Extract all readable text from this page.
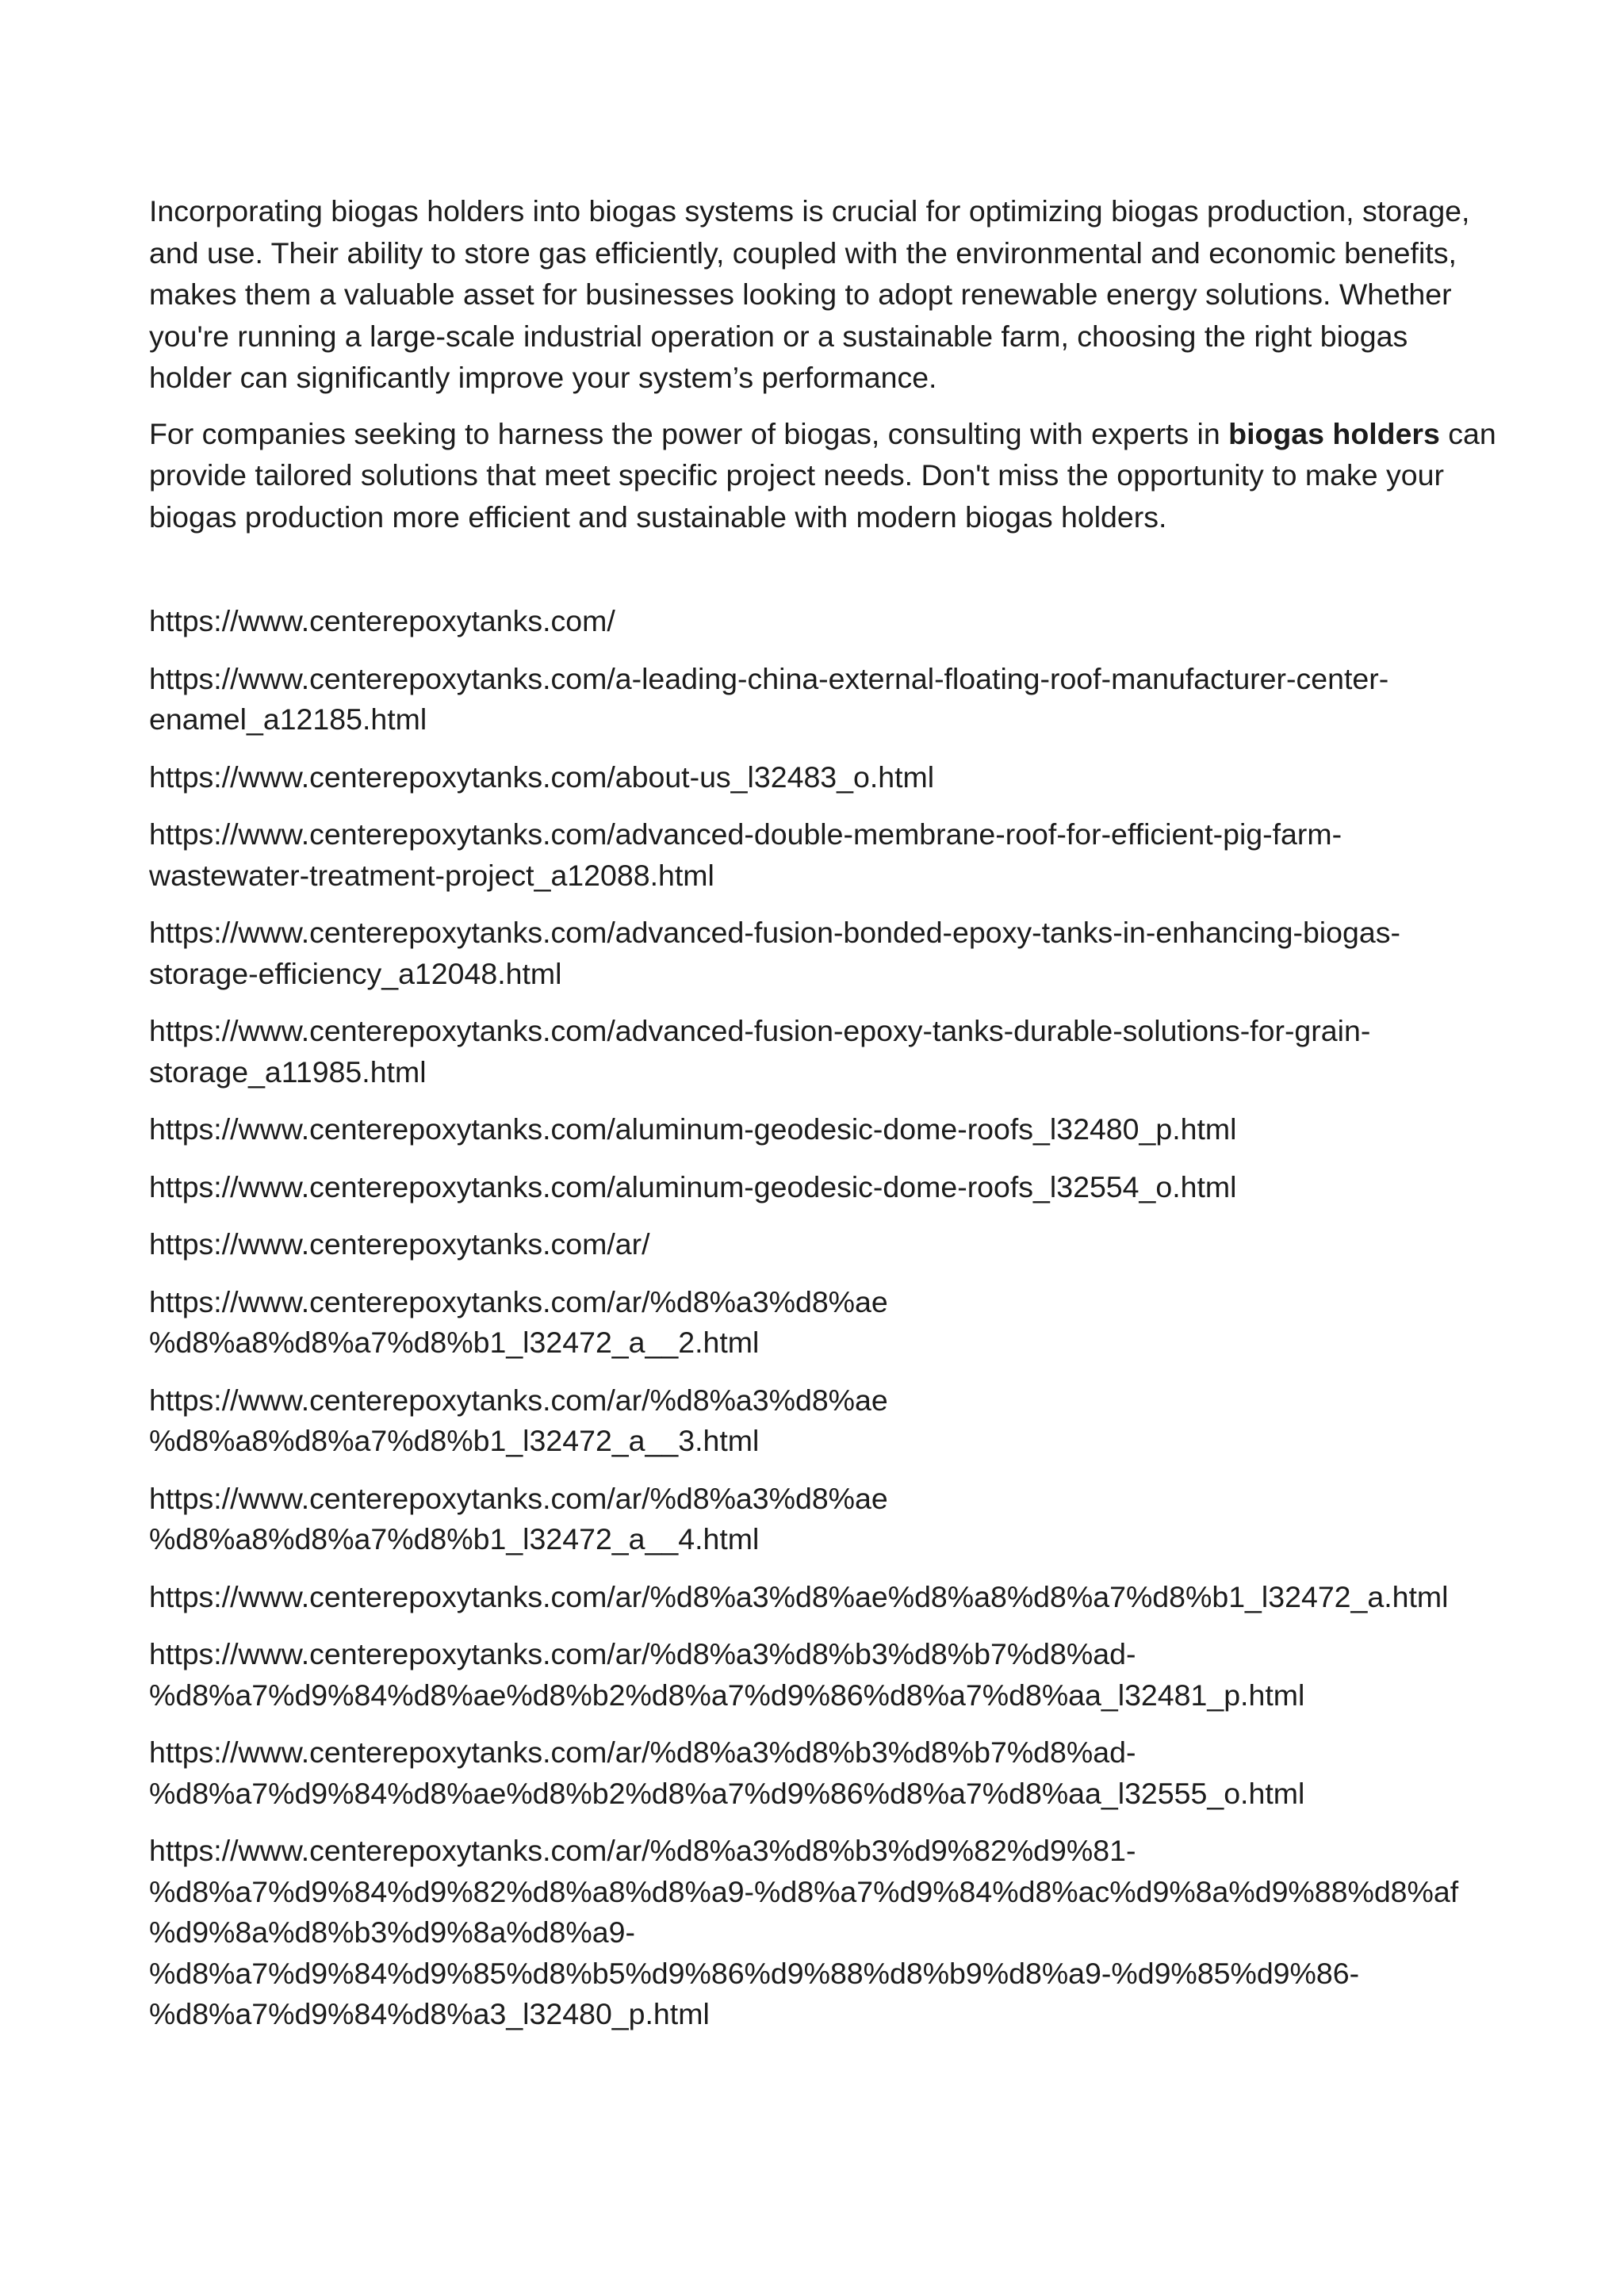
Incorporating biogas holders into biogas systems is crucial for optimizing biogas production, storage, and use. Their ability to store gas efficiently, coupled with the environmental and economic benefits, makes them a valuable asset for businesses looking to adopt renewable energy solutions. Whether you're running a large-scale industrial operation or a sustainable farm, choosing the right biogas holder can significantly improve your system’s performance.

For companies seeking to harness the power of biogas, consulting with experts in biogas holders can provide tailored solutions that meet specific project needs. Don't miss the opportunity to make your biogas production more efficient and sustainable with modern biogas holders.

https://www.centerepoxytanks.com/
https://www.centerepoxytanks.com/a-leading-china-external-floating-roof-manufacturer-center-
enamel_a12185.html
https://www.centerepoxytanks.com/about-us_l32483_o.html
https://www.centerepoxytanks.com/advanced-double-membrane-roof-for-efficient-pig-farm-
wastewater-treatment-project_a12088.html
https://www.centerepoxytanks.com/advanced-fusion-bonded-epoxy-tanks-in-enhancing-biogas-
storage-efficiency_a12048.html
https://www.centerepoxytanks.com/advanced-fusion-epoxy-tanks-durable-solutions-for-grain-
storage_a11985.html
https://www.centerepoxytanks.com/aluminum-geodesic-dome-roofs_l32480_p.html
https://www.centerepoxytanks.com/aluminum-geodesic-dome-roofs_l32554_o.html
https://www.centerepoxytanks.com/ar/
https://www.centerepoxytanks.com/ar/%d8%a3%d8%ae
%d8%a8%d8%a7%d8%b1_l32472_a__2.html
https://www.centerepoxytanks.com/ar/%d8%a3%d8%ae
%d8%a8%d8%a7%d8%b1_l32472_a__3.html
https://www.centerepoxytanks.com/ar/%d8%a3%d8%ae
%d8%a8%d8%a7%d8%b1_l32472_a__4.html
https://www.centerepoxytanks.com/ar/%d8%a3%d8%ae%d8%a8%d8%a7%d8%b1_l32472_a.html
https://www.centerepoxytanks.com/ar/%d8%a3%d8%b3%d8%b7%d8%ad-
%d8%a7%d9%84%d8%ae%d8%b2%d8%a7%d9%86%d8%a7%d8%aa_l32481_p.html
https://www.centerepoxytanks.com/ar/%d8%a3%d8%b3%d8%b7%d8%ad-
%d8%a7%d9%84%d8%ae%d8%b2%d8%a7%d9%86%d8%a7%d8%aa_l32555_o.html
https://www.centerepoxytanks.com/ar/%d8%a3%d8%b3%d9%82%d9%81-
%d8%a7%d9%84%d9%82%d8%a8%d8%a9-%d8%a7%d9%84%d8%ac%d9%8a%d9%88%d8%af
%d9%8a%d8%b3%d9%8a%d8%a9-
%d8%a7%d9%84%d9%85%d8%b5%d9%86%d9%88%d8%b9%d8%a9-%d9%85%d9%86-
%d8%a7%d9%84%d8%a3_l32480_p.html
